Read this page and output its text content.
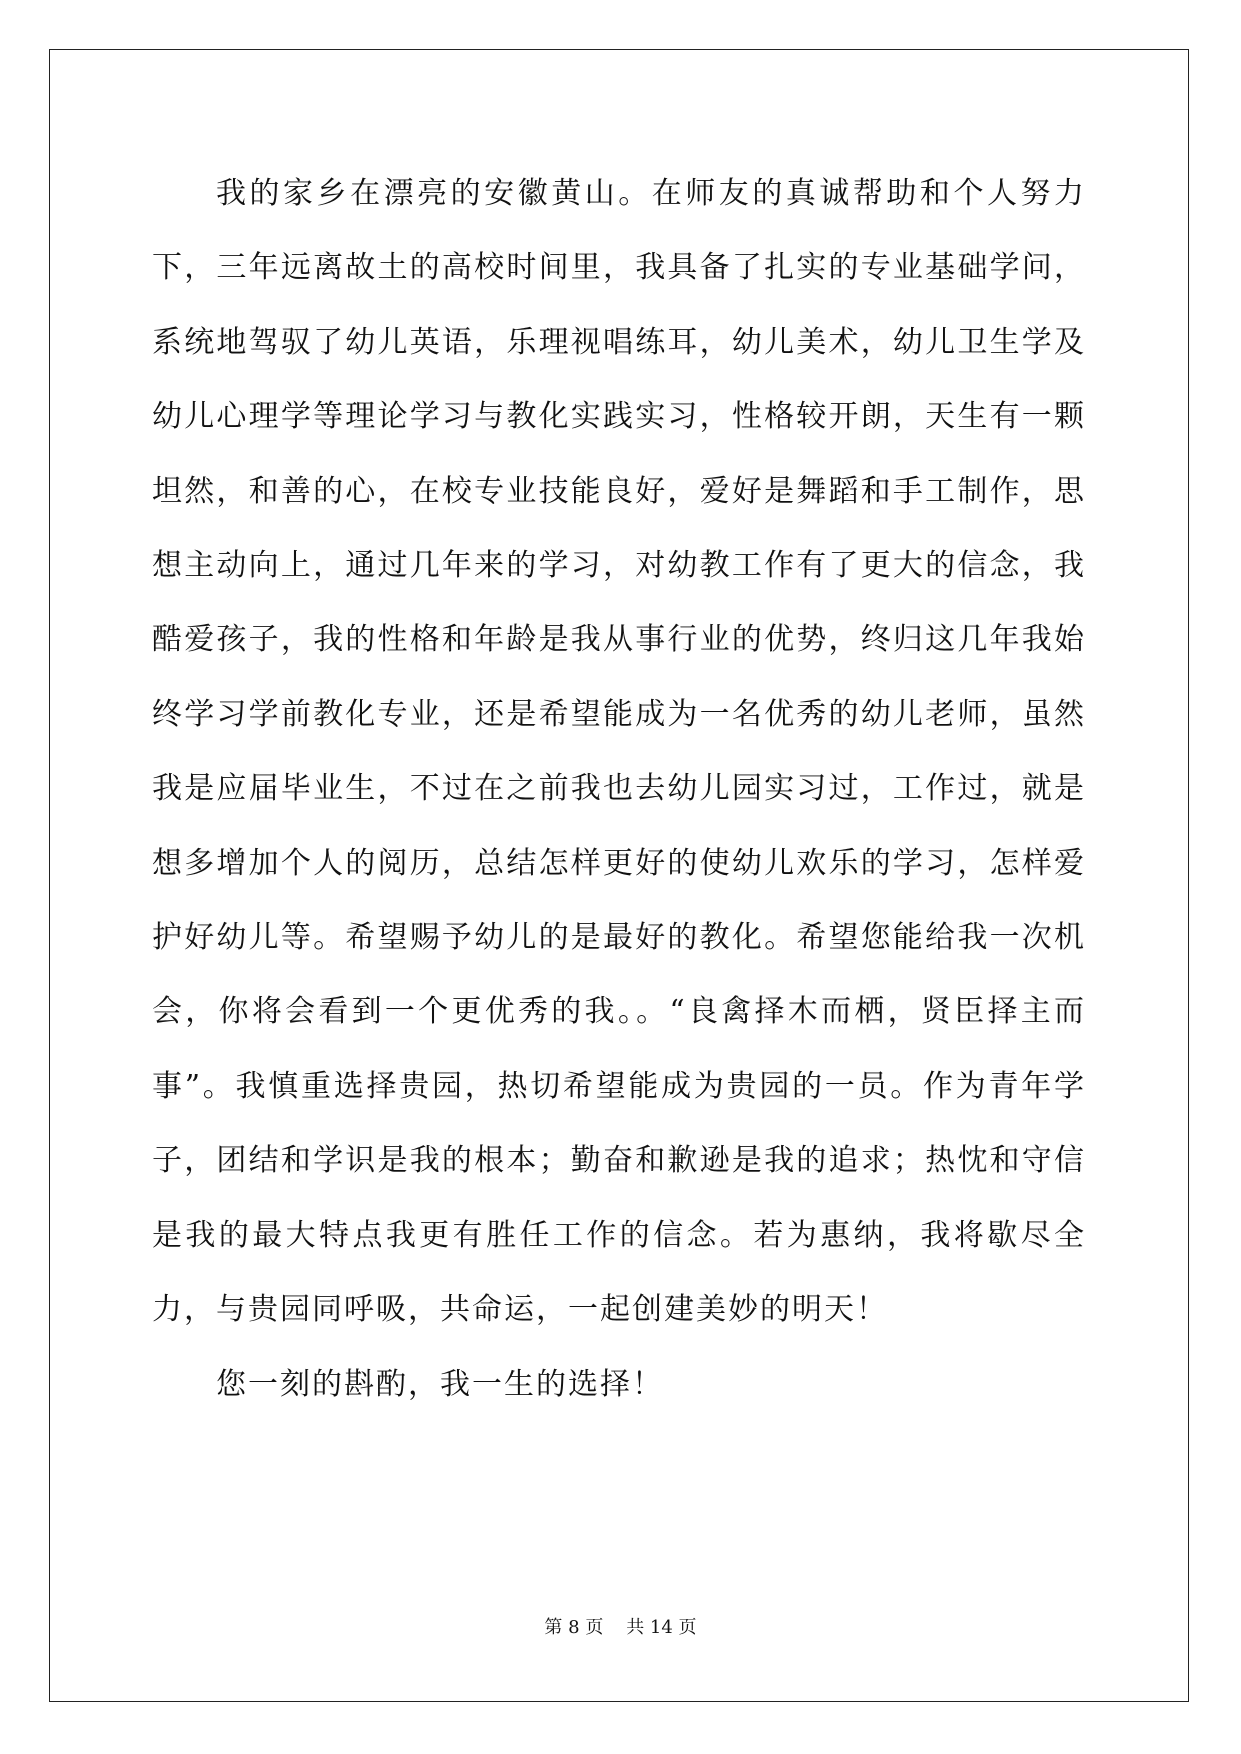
我的家乡在漂亮的安徽黄山。在师友的真诚帮助和个人努力下，三年远离故土的高校时间里，我具备了扎实的专业基础学问，系统地驾驭了幼儿英语，乐理视唱练耳，幼儿美术，幼儿卫生学及幼儿心理学等理论学习与教化实践实习，性格较开朗，天生有一颗坦然，和善的心，在校专业技能良好，爱好是舞蹈和手工制作，思想主动向上，通过几年来的学习，对幼教工作有了更大的信念，我酷爱孩子，我的性格和年龄是我从事行业的优势，终归这几年我始终学习学前教化专业，还是希望能成为一名优秀的幼儿老师，虽然我是应届毕业生，不过在之前我也去幼儿园实习过，工作过，就是想多增加个人的阅历，总结怎样更好的使幼儿欢乐的学习，怎样爱护好幼儿等。希望赐予幼儿的是最好的教化。希望您能给我一次机会，你将会看到一个更优秀的我。。“良禽择木而栖，贤臣择主而事”。我慎重选择贵园，热切希望能成为贵园的一员。作为青年学子，团结和学识是我的根本；勤奋和歉逊是我的追求；热忱和守信是我的最大特点我更有胜任工作的信念。若为惠纳，我将歇尽全力，与贵园同呼吸，共命运，一起创建美妙的明天！

您一刻的斟酌，我一生的选择！

第 8 页    共 14 页
